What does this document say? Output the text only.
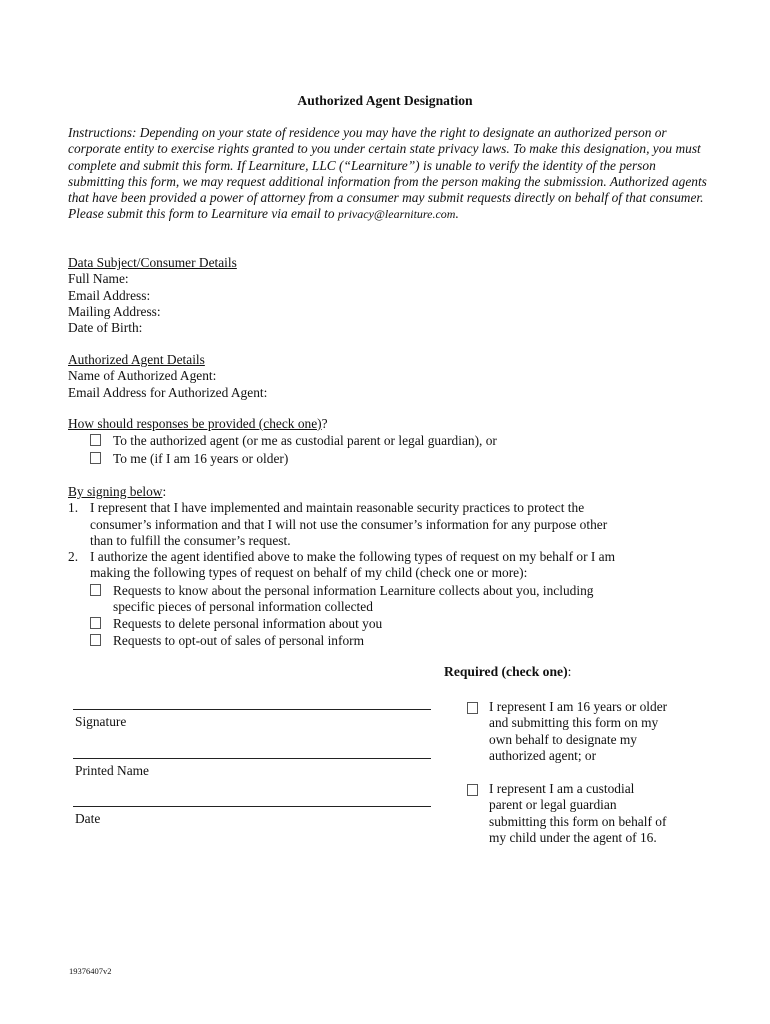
Authorized Agent Designation
Instructions: Depending on your state of residence you may have the right to designate an authorized person or corporate entity to exercise rights granted to you under certain state privacy laws. To make this designation, you must complete and submit this form. If Learniture, LLC (“Learniture”) is unable to verify the identity of the person submitting this form, we may request additional information from the person making the submission. Authorized agents that have been provided a power of attorney from a consumer may submit requests directly on behalf of that consumer. Please submit this form to Learniture via email to privacy@learniture.com.
Data Subject/Consumer Details
Full Name:
Email Address:
Mailing Address:
Date of Birth:
Authorized Agent Details
Name of Authorized Agent:
Email Address for Authorized Agent:
How should responses be provided (check one)?
To the authorized agent (or me as custodial parent or legal guardian), or
To me (if I am 16 years or older)
By signing below:
1. I represent that I have implemented and maintain reasonable security practices to protect the
consumer’s information and that I will not use the consumer’s information for any purpose other
than to fulfill the consumer’s request.
2. I authorize the agent identified above to make the following types of request on my behalf or I am
making the following types of request on behalf of my child (check one or more):
Requests to know about the personal information Learniture collects about you, including
specific pieces of personal information collected
Requests to delete personal information about you
Requests to opt-out of sales of personal inform
Signature
Printed Name
Date
Required (check one):
I represent I am 16 years or older
and submitting this form on my
own behalf to designate my
authorized agent; or
I represent I am a custodial
parent or legal guardian
submitting this form on behalf of
my child under the agent of 16.
19376407v2
